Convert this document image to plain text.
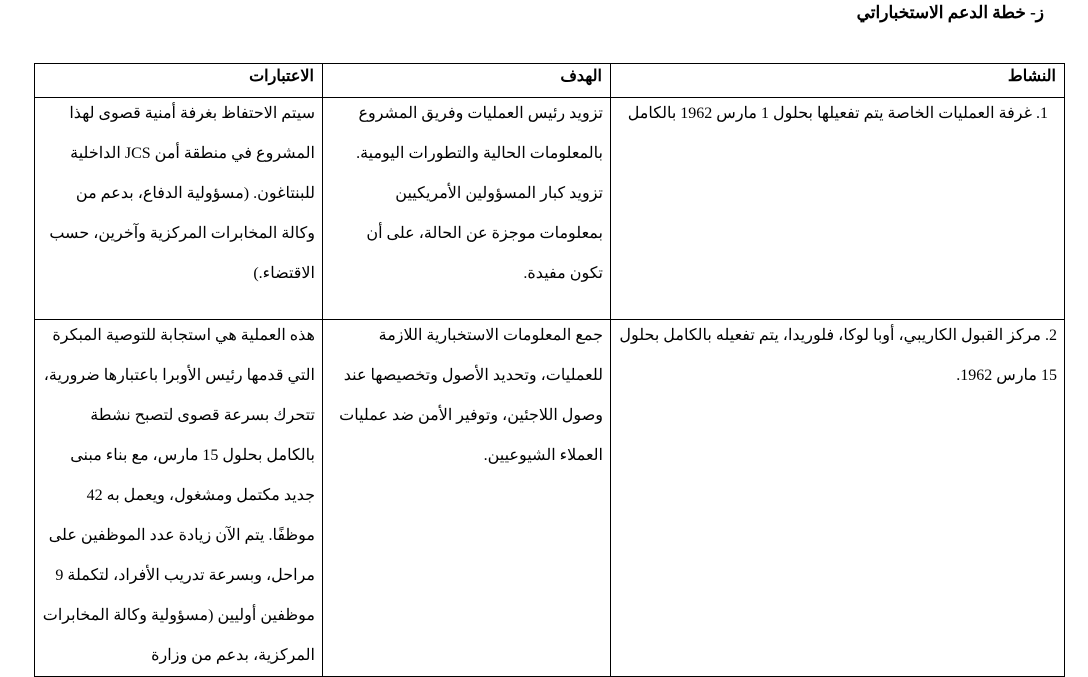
ز- خطة الدعم الاستخباراتي
النشاط	الهدف	الاعتبارات

1. غرفة العمليات الخاصة يتم تفعيلها بحلول 1 مارس 1962 بالكامل	تزويد رئيس العمليات وفريق المشروع بالمعلومات الحالية والتطورات اليومية. تزويد كبار المسؤولين الأمريكيين بمعلومات موجزة عن الحالة، على أن تكون مفيدة.	سيتم الاحتفاظ بغرفة أمنية قصوى لهذا المشروع في منطقة أمن JCS الداخلية للبنتاغون. (مسؤولية الدفاع، بدعم من وكالة المخابرات المركزية وآخرين، حسب الاقتضاء.)

2. مركز القبول الكاريبي، أوبا لوكا، فلوريدا، يتم تفعيله بالكامل بحلول 15 مارس 1962.	جمع المعلومات الاستخبارية اللازمة للعمليات، وتحديد الأصول وتخصيصها عند وصول اللاجئين، وتوفير الأمن ضد عمليات العملاء الشيوعيين.	هذه العملية هي استجابة للتوصية المبكرة التي قدمها رئيس الأوبرا باعتبارها ضرورية، تتحرك بسرعة قصوى لتصبح نشطة بالكامل بحلول 15 مارس، مع بناء مبنى جديد مكتمل ومشغول، ويعمل به 42 موظفًا. يتم الآن زيادة عدد الموظفين على مراحل، وبسرعة تدريب الأفراد، لتكملة 9 موظفين أوليين (مسؤولية وكالة المخابرات المركزية، بدعم من وزارة
